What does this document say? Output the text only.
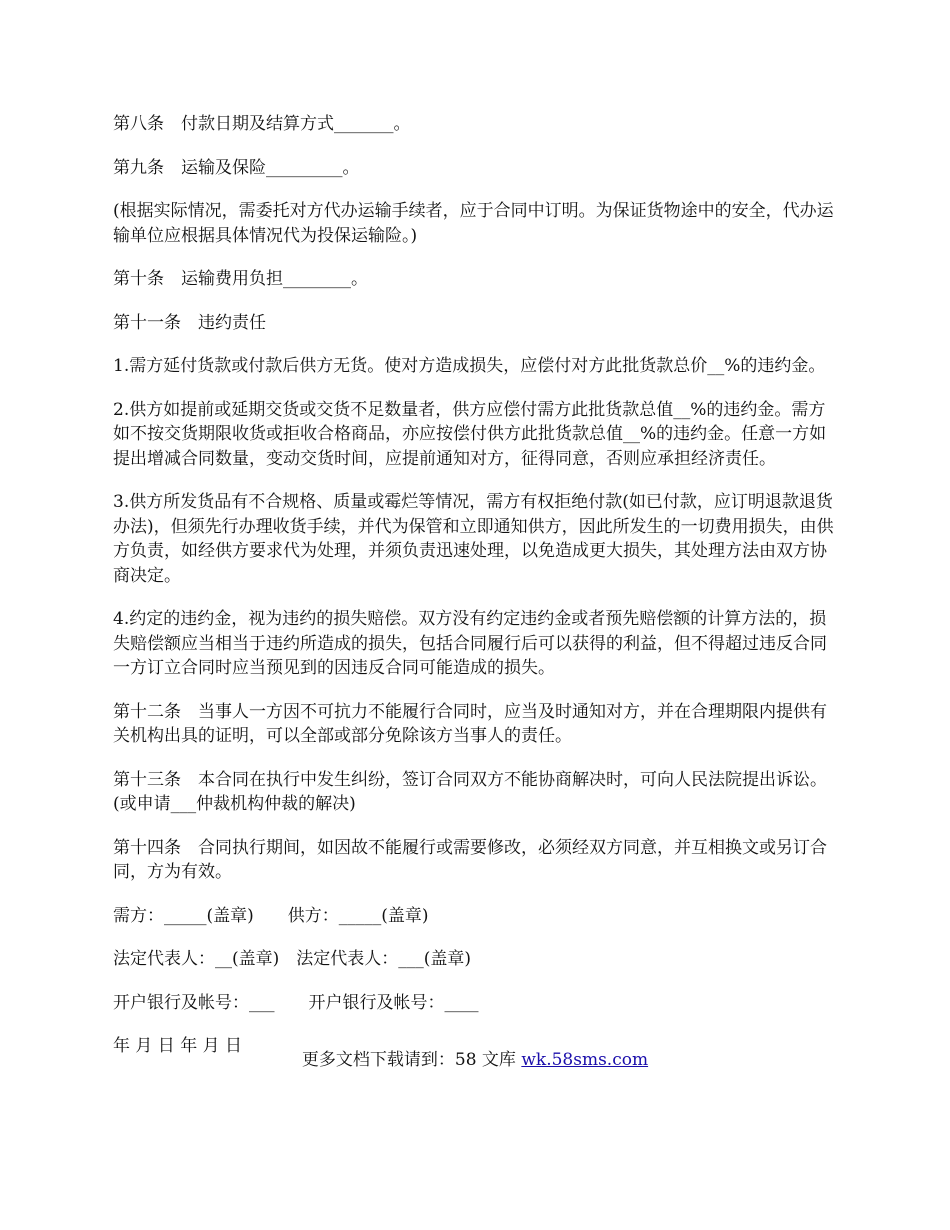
第八条　付款日期及结算方式_______。

第九条　运输及保险_________。

(根据实际情况，需委托对方代办运输手续者，应于合同中订明。为保证货物途中的安全，代办运输单位应根据具体情况代为投保运输险。)

第十条　运输费用负担________。

第十一条　违约责任

1.需方延付货款或付款后供方无货。使对方造成损失，应偿付对方此批货款总价__%的违约金。

2.供方如提前或延期交货或交货不足数量者，供方应偿付需方此批货款总值__%的违约金。需方如不按交货期限收货或拒收合格商品，亦应按偿付供方此批货款总值__%的违约金。任意一方如提出增减合同数量，变动交货时间，应提前通知对方，征得同意，否则应承担经济责任。

3.供方所发货品有不合规格、质量或霉烂等情况，需方有权拒绝付款(如已付款，应订明退款退货办法)，但须先行办理收货手续，并代为保管和立即通知供方，因此所发生的一切费用损失，由供方负责，如经供方要求代为处理，并须负责迅速处理，以免造成更大损失，其处理方法由双方协商决定。

4.约定的违约金，视为违约的损失赔偿。双方没有约定违约金或者预先赔偿额的计算方法的，损失赔偿额应当相当于违约所造成的损失，包括合同履行后可以获得的利益，但不得超过违反合同一方订立合同时应当预见到的因违反合同可能造成的损失。

第十二条　当事人一方因不可抗力不能履行合同时，应当及时通知对方，并在合理期限内提供有关机构出具的证明，可以全部或部分免除该方当事人的责任。

第十三条　本合同在执行中发生纠纷，签订合同双方不能协商解决时，可向人民法院提出诉讼。(或申请___仲裁机构仲裁的解决)

第十四条　合同执行期间，如因故不能履行或需要修改，必须经双方同意，并互相换文或另订合同，方为有效。

需方：_____(盖章)　　供方：_____(盖章)

法定代表人：__(盖章)　法定代表人：___(盖章)

开户银行及帐号：___　　开户银行及帐号：____

年 月 日 年 月 日

更多文档下载请到：58 文库 wk.58sms.com
